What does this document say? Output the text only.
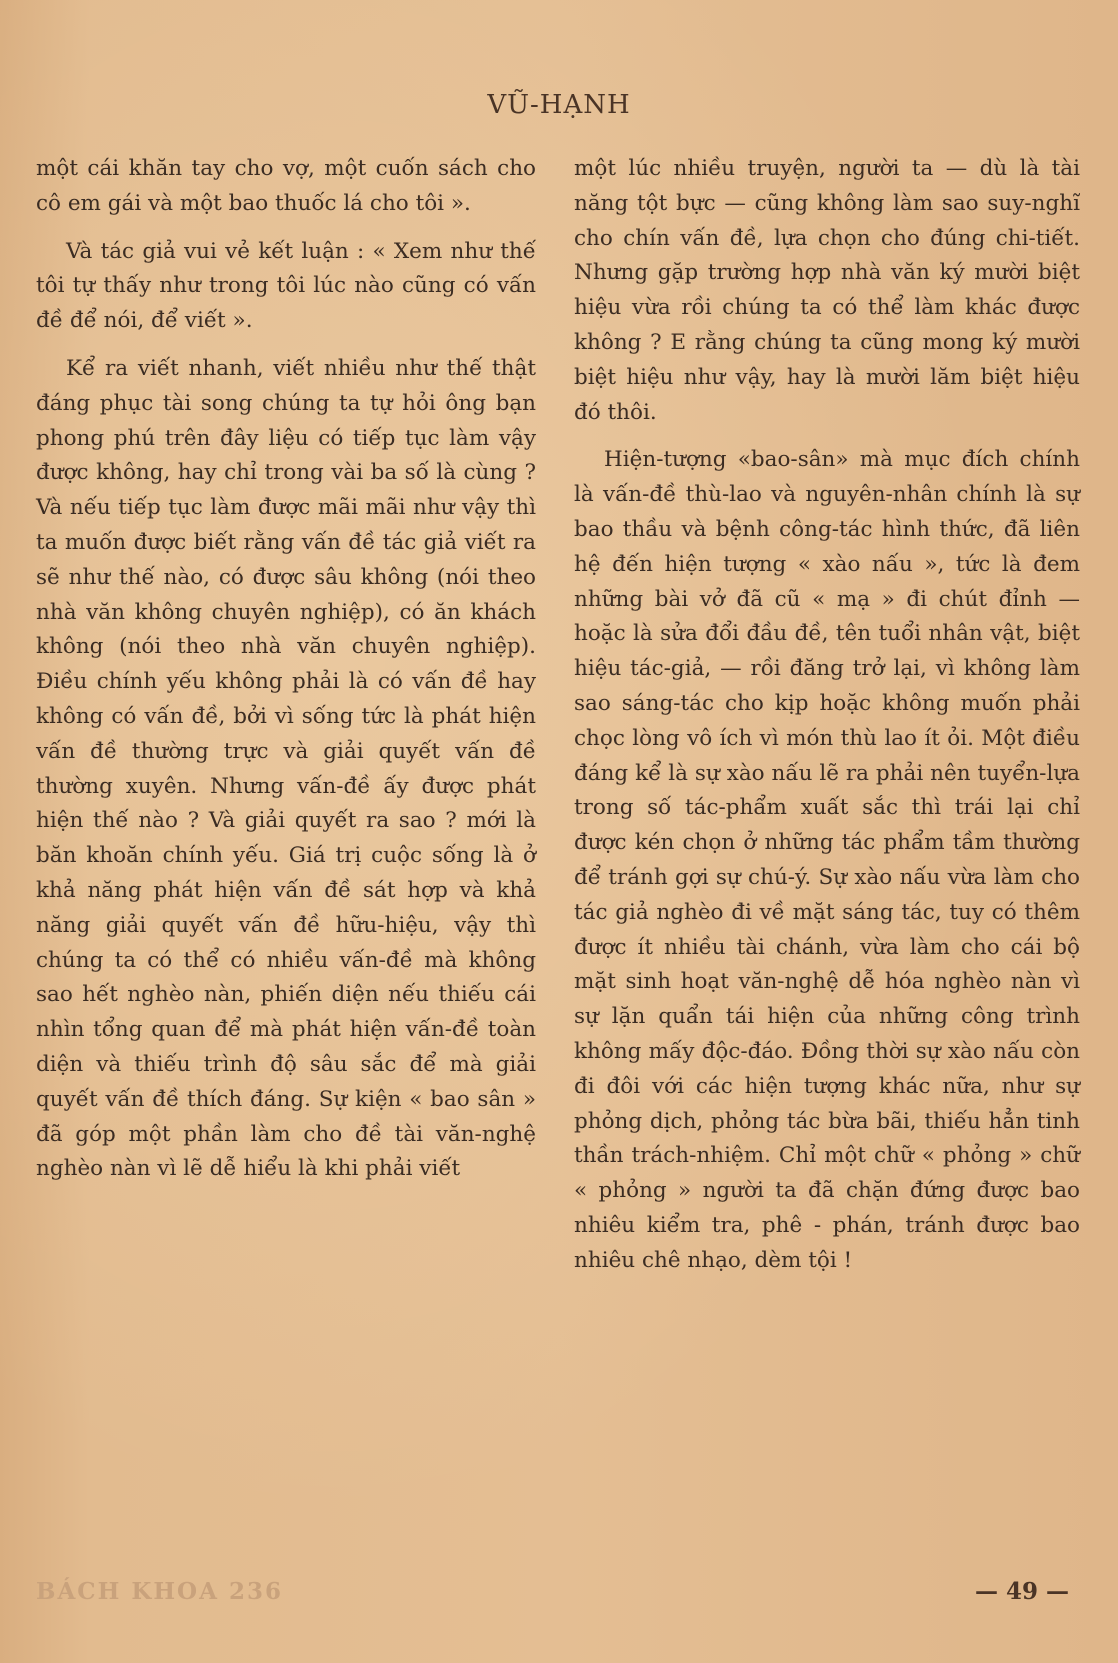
VŨ-HẠNH

một cái khăn tay cho vợ, một cuốn sách cho cô em gái và một bao thuốc lá cho tôi ».

Và tác giả vui vẻ kết luận : « Xem như thế tôi tự thấy như trong tôi lúc nào cũng có vấn đề để nói, để viết ».

Kể ra viết nhanh, viết nhiều như thế thật đáng phục tài song chúng ta tự hỏi ông bạn phong phú trên đây liệu có tiếp tục làm vậy được không, hay chỉ trong vài ba số là cùng ? Và nếu tiếp tục làm được mãi mãi như vậy thì ta muốn được biết rằng vấn đề tác giả viết ra sẽ như thế nào, có được sâu không (nói theo nhà văn không chuyên nghiệp), có ăn khách không (nói theo nhà văn chuyên nghiệp). Điều chính yếu không phải là có vấn đề hay không có vấn đề, bởi vì sống tức là phát hiện vấn đề thường trực và giải quyết vấn đề thường xuyên. Nhưng vấn-đề ấy được phát hiện thế nào ? Và giải quyết ra sao ? mới là băn khoăn chính yếu. Giá trị cuộc sống là ở khả năng phát hiện vấn đề sát hợp và khả năng giải quyết vấn đề hữu-hiệu, vậy thì chúng ta có thể có nhiều vấn-đề mà không sao hết nghèo nàn, phiến diện nếu thiếu cái nhìn tổng quan để mà phát hiện vấn-đề toàn diện và thiếu trình độ sâu sắc để mà giải quyết vấn đề thích đáng. Sự kiện « bao sân » đã góp một phần làm cho đề tài văn-nghệ nghèo nàn vì lẽ dễ hiểu là khi phải viết

một lúc nhiều truyện, người ta — dù là tài năng tột bực — cũng không làm sao suy-nghĩ cho chín vấn đề, lựa chọn cho đúng chi-tiết. Nhưng gặp trường hợp nhà văn ký mười biệt hiệu vừa rồi chúng ta có thể làm khác được không ? E rằng chúng ta cũng mong ký mười biệt hiệu như vậy, hay là mười lăm biệt hiệu đó thôi.

Hiện-tượng «bao-sân» mà mục đích chính là vấn-đề thù-lao và nguyên-nhân chính là sự bao thầu và bệnh công-tác hình thức, đã liên hệ đến hiện tượng « xào nấu », tức là đem những bài vở đã cũ « mạ » đi chút đỉnh — hoặc là sửa đổi đầu đề, tên tuổi nhân vật, biệt hiệu tác-giả, — rồi đăng trở lại, vì không làm sao sáng-tác cho kịp hoặc không muốn phải chọc lòng vô ích vì món thù lao ít ỏi. Một điều đáng kể là sự xào nấu lẽ ra phải nên tuyển-lựa trong số tác-phẩm xuất sắc thì trái lại chỉ được kén chọn ở những tác phẩm tầm thường để tránh gợi sự chú-ý. Sự xào nấu vừa làm cho tác giả nghèo đi về mặt sáng tác, tuy có thêm được ít nhiều tài chánh, vừa làm cho cái bộ mặt sinh hoạt văn-nghệ dễ hóa nghèo nàn vì sự lặn quẩn tái hiện của những công trình không mấy độc-đáo. Đồng thời sự xào nấu còn đi đôi với các hiện tượng khác nữa, như sự phỏng dịch, phỏng tác bừa bãi, thiếu hẳn tinh thần trách-nhiệm. Chỉ một chữ « phỏng » chữ « phỏng » người ta đã chặn đứng được bao nhiêu kiểm tra, phê - phán, tránh được bao nhiêu chê nhạo, dèm tội !

BÁCH KHOA 236	— 49 —
